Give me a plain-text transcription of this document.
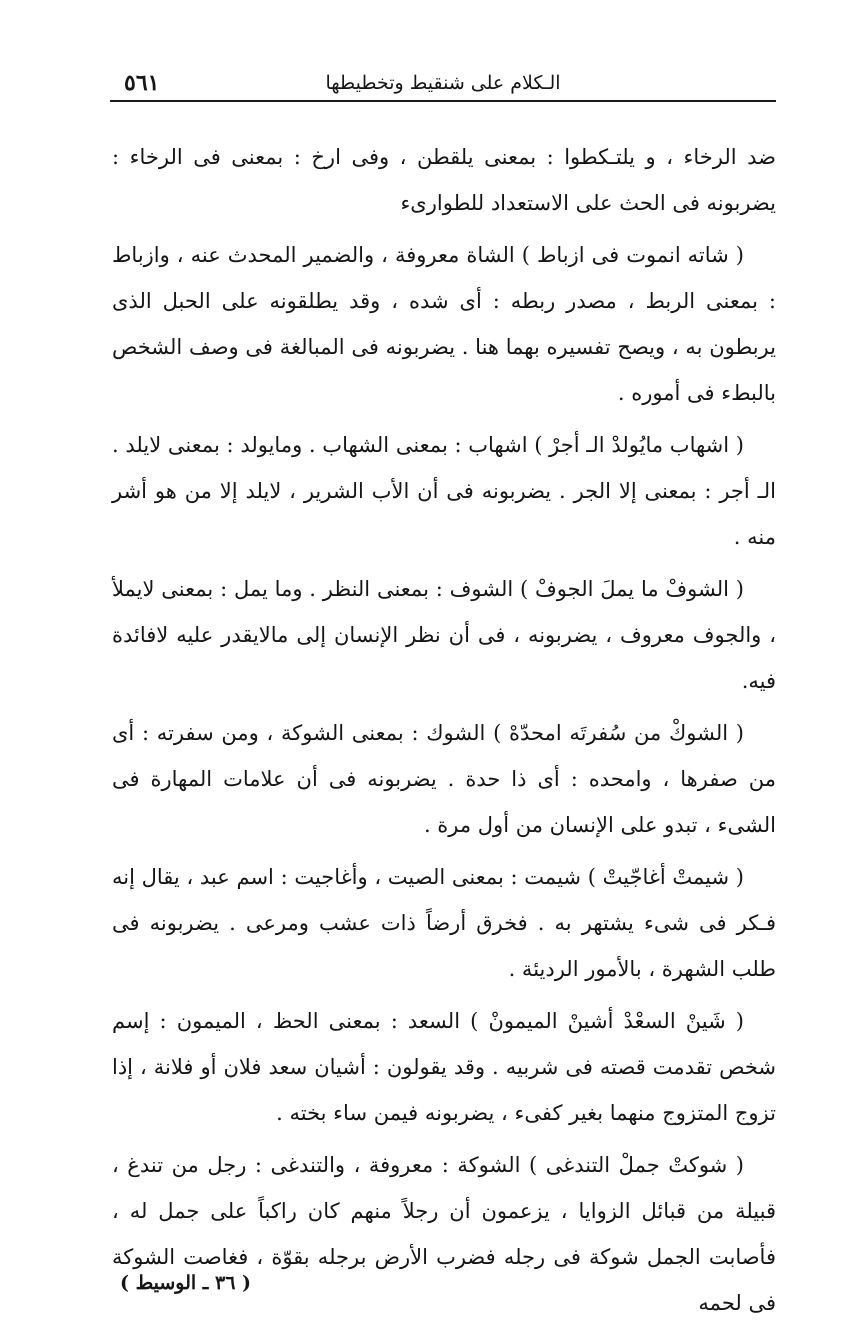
٥٦١	الـكلام على شنقيط وتخطيطها

ضد الرخاء ، و يلتـكطوا : بمعنى يلقطن ، وفى ارخ : بمعنى فى الرخاء : يضربونه فى الحث على الاستعداد للطوارىء

( شاته انموت فى ازباط ) الشاة معروفة ، والضمير المحدث عنه ، وازباط : بمعنى الربط ، مصدر ربطه : أى شده ، وقد يطلقونه على الحبل الذى يربطون به ، ويصح تفسيره بهما هنا . يضربونه فى المبالغة فى وصف الشخص بالبطء فى أموره .

( اشهاب مايُولدْ الـ أجرْ ) اشهاب : بمعنى الشهاب . ومايولد : بمعنى لايلد . الـ أجر : بمعنى إلا الجر . يضربونه فى أن الأب الشرير ، لايلد إلا من هو أشر منه .

( الشوفْ ما يملَ الجوفْ ) الشوف : بمعنى النظر . وما يمل : بمعنى لايملأ ، والجوف معروف ، يضربونه ، فى أن نظر الإنسان إلى مالايقدر عليه لافائدة فيه.

( الشوكْ من سُفرتَه امحدّهْ ) الشوك : بمعنى الشوكة ، ومن سفرته : أى من صفرها ، وامحده : أى ذا حدة . يضربونه فى أن علامات المهارة فى الشىء ، تبدو على الإنسان من أول مرة .

( شيمتْ أغاجّيتْ ) شيمت : بمعنى الصيت ، وأغاجيت : اسم عبد ، يقال إنه فـكر فى شىء يشتهر به . فخرق أرضاً ذات عشب ومرعى . يضربونه فى طلب الشهرة ، بالأمور الرديئة .

( شَينْ السعْدْ أشينْ الميمونْ ) السعد : بمعنى الحظ ، الميمون : إسم شخص تقدمت قصته فى شربيه . وقد يقولون : أشيان سعد فلان أو فلانة ، إذا تزوج المتزوج منهما بغير كفىء ، يضربونه فيمن ساء بخته .

( شوكتْ جملْ التندغى ) الشوكة : معروفة ، والتندغى : رجل من تندغ ، قبيلة من قبائل الزوايا ، يزعمون أن رجلاً منهم كان راكباً على جمل له ، فأصابت الجمل شوكة فى رجله فضرب الأرض برجله بقوّة ، فغاصت الشوكة فى لحمه

( ٣٦ ـ الوسيط )
